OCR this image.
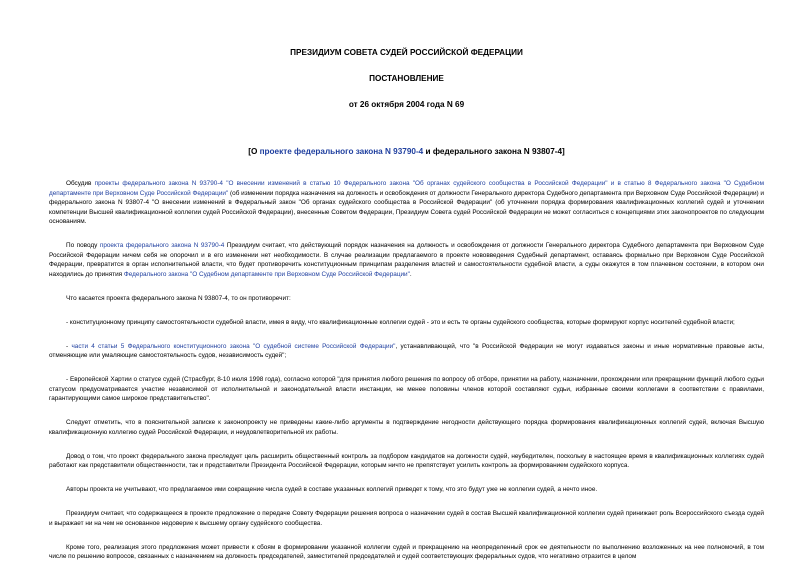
ПРЕЗИДИУМ СОВЕТА СУДЕЙ РОССИЙСКОЙ ФЕДЕРАЦИИ
ПОСТАНОВЛЕНИЕ
от 26 октября 2004 года N 69
[О проекте федерального закона N 93790-4 и федерального закона N 93807-4]

Обсудив проекты федерального закона N 93790-4 "О внесении изменений в статью 10 Федерального закона "Об органах судейского сообщества в Российской Федерации" и в статью 8 Федерального закона "О Судебном департаменте при Верховном Суде Российской Федерации" (об изменении порядка назначения на должность и освобождения от должности Генерального директора Судебного департамента при Верховном Суде Российской Федерации) и федерального закона N 93807-4 "О внесении изменений в Федеральный закон "Об органах судейского сообщества в Российской Федерации" (об уточнении порядка формирования квалификационных коллегий судей и уточнении компетенции Высшей квалификационной коллегии судей Российской Федерации), внесенные Советом Федерации, Президиум Совета судей Российской Федерации не может согласиться с концепциями этих законопроектов по следующим основаниям.

По поводу проекта федерального закона N 93790-4 Президиум считает, что действующий порядок назначения на должность и освобождения от должности Генерального директора Судебного департамента при Верховном Суде Российской Федерации ничем себя не опорочил и в его изменении нет необходимости. В случае реализации предлагаемого в проекте нововведения Судебный департамент, оставаясь формально при Верховном Суде Российской Федерации, превратится в орган исполнительной власти, что будет противоречить конституционным принципам разделения властей и самостоятельности судебной власти, а суды окажутся в том плачевном состоянии, в котором они находились до принятия Федерального закона "О Судебном департаменте при Верховном Суде Российской Федерации".

Что касается проекта федерального закона N 93807-4, то он противоречит:

- конституционному принципу самостоятельности судебной власти, имея в виду, что квалификационные коллегии судей - это и есть те органы судейского сообщества, которые формируют корпус носителей судебной власти;

- части 4 статьи 5 Федерального конституционного закона "О судебной системе Российской Федерации", устанавливающей, что "в Российской Федерации не могут издаваться законы и иные нормативные правовые акты, отменяющие или умаляющие самостоятельность судов, независимость судей";

- Европейской Хартии о статусе судей (Страсбург, 8-10 июля 1998 года), согласно которой "для принятия любого решения по вопросу об отборе, принятии на работу, назначении, прохождении или прекращении функций любого судьи статусом предусматривается участие независимой от исполнительной и законодательной власти инстанции, не менее половины членов которой составляют судьи, избранные своими коллегами в соответствии с правилами, гарантирующими самое широкое представительство".

Следует отметить, что в пояснительной записке к законопроекту не приведены какие-либо аргументы в подтверждение негодности действующего порядка формирования квалификационных коллегий судей, включая Высшую квалификационную коллегию судей Российской Федерации, и неудовлетворительной их работы.

Довод о том, что проект федерального закона преследует цель расширить общественный контроль за подбором кандидатов на должности судей, неубедителен, поскольку в настоящее время в квалификационных коллегиях судей работают как представители общественности, так и представители Президента Российской Федерации, которым ничто не препятствует усилить контроль за формированием судейского корпуса.

Авторы проекта не учитывают, что предлагаемое ими сокращение числа судей в составе указанных коллегий приведет к тому, что это будут уже не коллегии судей, а нечто иное.

Президиум считает, что содержащееся в проекте предложение о передаче Совету Федерации решения вопроса о назначении судей в состав Высшей квалификационной коллегии судей принижает роль Всероссийского съезда судей и выражает ни на чем не основанное недоверие к высшему органу судейского сообщества.

Кроме того, реализация этого предложения может привести к сбоям в формировании указанной коллегии судей и прекращению на неопределенный срок ее деятельности по выполнению возложенных на нее полномочий, в том числе по решению вопросов, связанных с назначением на должность председателей, заместителей председателей и судей соответствующих федеральных судов, что негативно отразится в целом
